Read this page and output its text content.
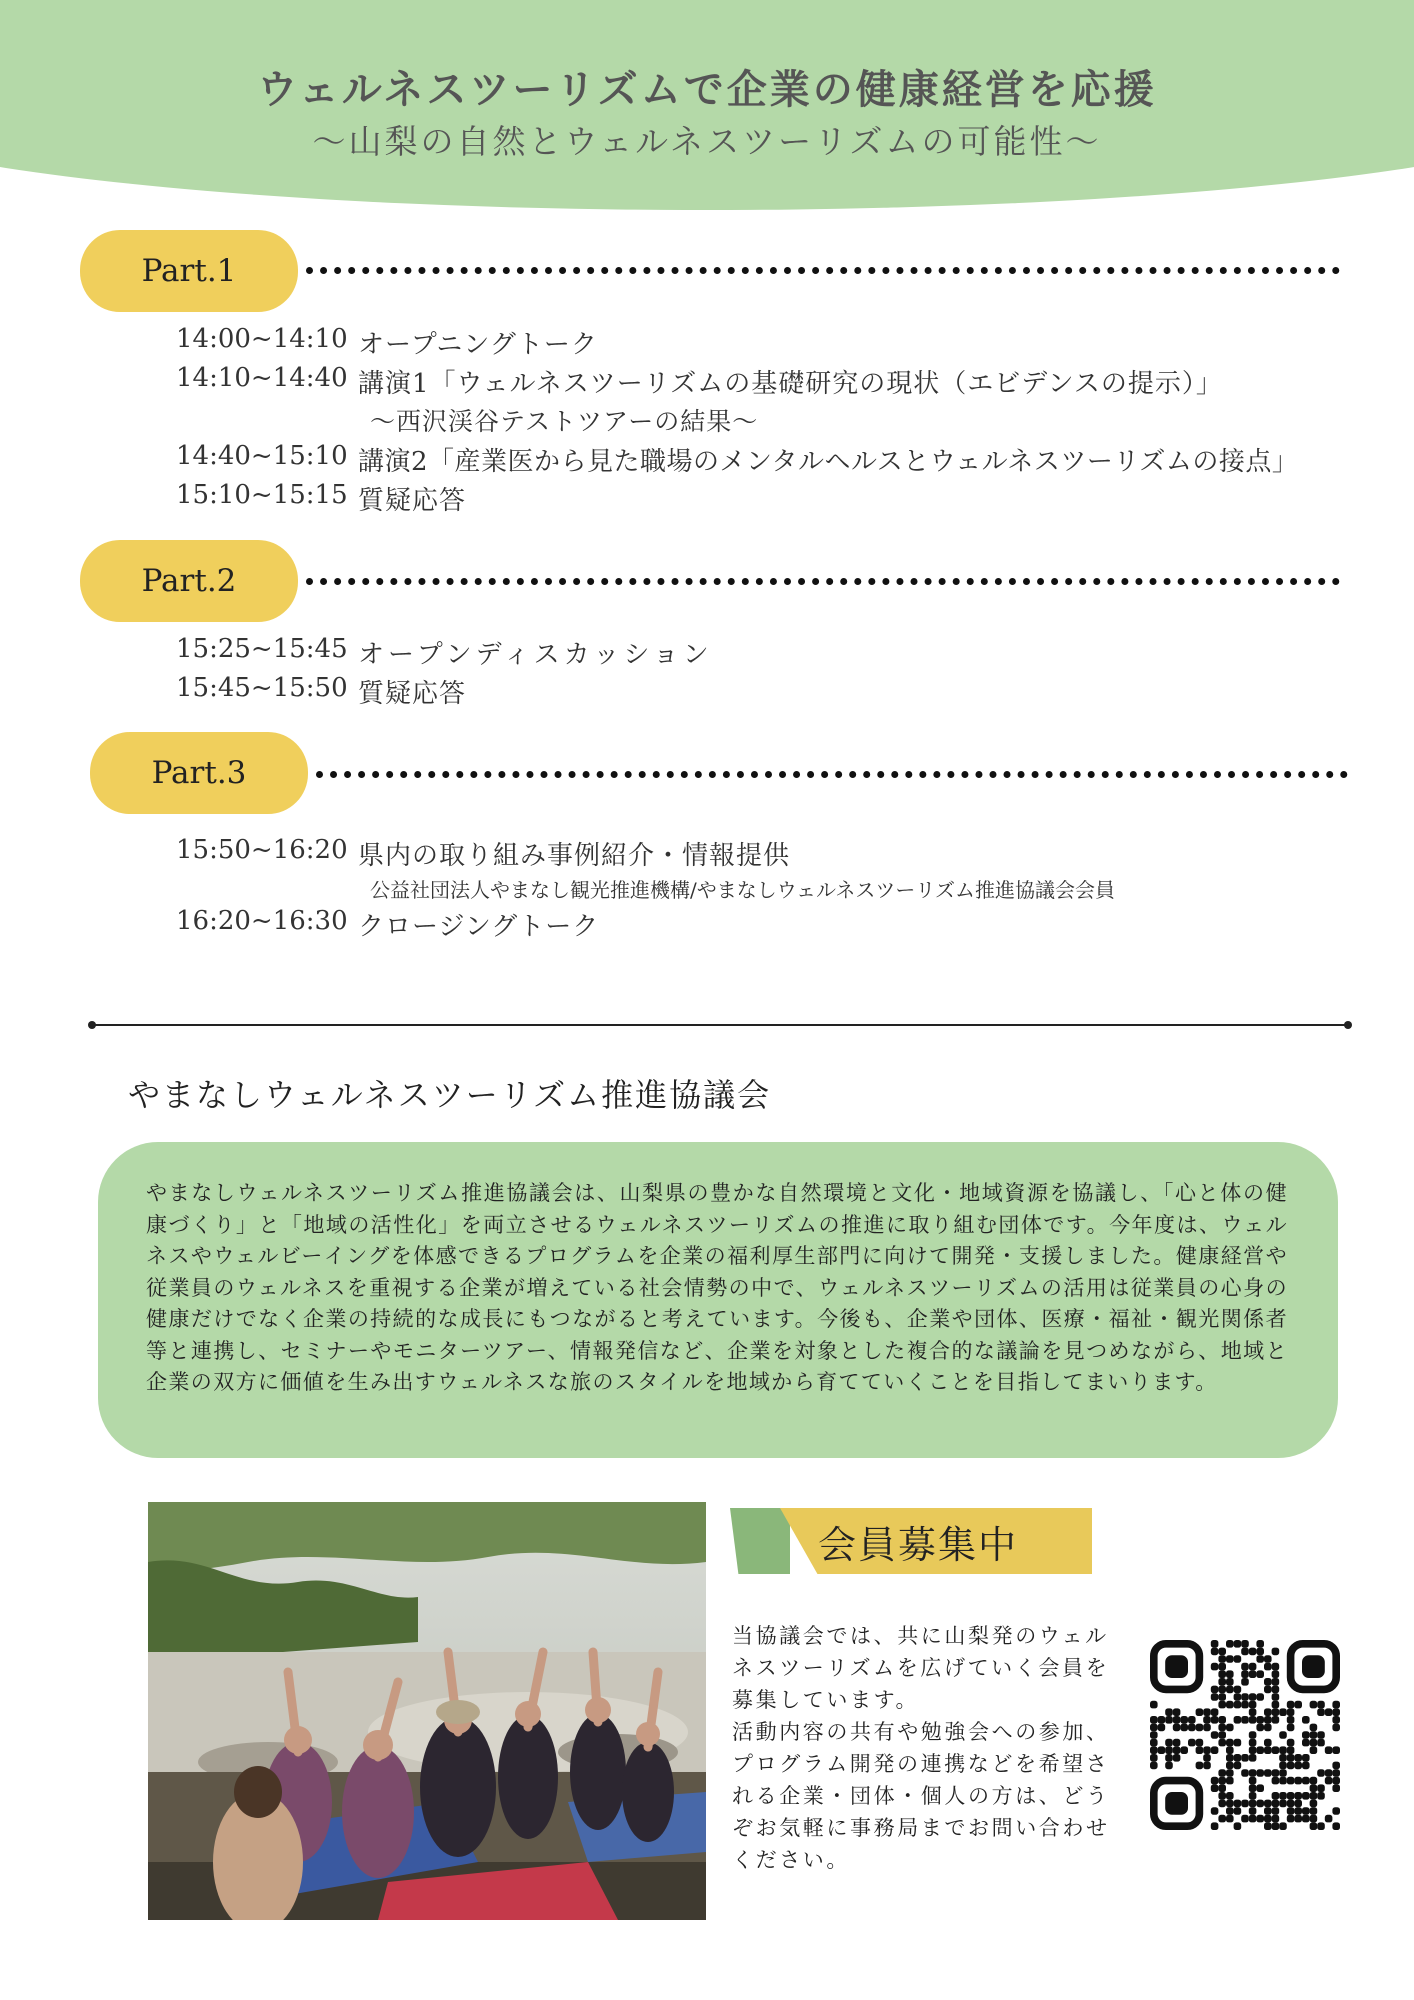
ウェルネスツーリズムで企業の健康経営を応援

～山梨の自然とウェルネスツーリズムの可能性～

Part.1
14:00~14:10 オープニングトーク
14:10~14:40 講演1「ウェルネスツーリズムの基礎研究の現状（エビデンスの提示）」
～西沢渓谷テストツアーの結果～
14:40~15:10 講演2「産業医から見た職場のメンタルヘルスとウェルネスツーリズムの接点」
15:10~15:15 質疑応答
Part.2
15:25~15:45 オープンディスカッション
15:45~15:50 質疑応答
Part.3
15:50~16:20 県内の取り組み事例紹介・情報提供
公益社団法人やまなし観光推進機構/やまなしウェルネスツーリズム推進協議会会員
16:20~16:30 クロージングトーク
やまなしウェルネスツーリズム推進協議会

やまなしウェルネスツーリズム推進協議会は、山梨県の豊かな自然環境と文化・地域資源を協議し、「心と体の健康づくり」と「地域の活性化」を両立させるウェルネスツーリズムの推進に取り組む団体です。今年度は、ウェルネスやウェルビーイングを体感できるプログラムを企業の福利厚生部門に向けて開発・支援しました。健康経営や従業員のウェルネスを重視する企業が増えている社会情勢の中で、ウェルネスツーリズムの活用は従業員の心身の健康だけでなく企業の持続的な成長にもつながると考えています。今後も、企業や団体、医療・福祉・観光関係者等と連携し、セミナーやモニターツアー、情報発信など、企業を対象とした複合的な議論を見つめながら、地域と企業の双方に価値を生み出すウェルネスな旅のスタイルを地域から育てていくことを目指してまいります。

会員募集中

当協議会では、共に山梨発のウェルネスツーリズムを広げていく会員を募集しています。
活動内容の共有や勉強会への参加、プログラム開発の連携などを希望される企業・団体・個人の方は、どうぞお気軽に事務局までお問い合わせください。
